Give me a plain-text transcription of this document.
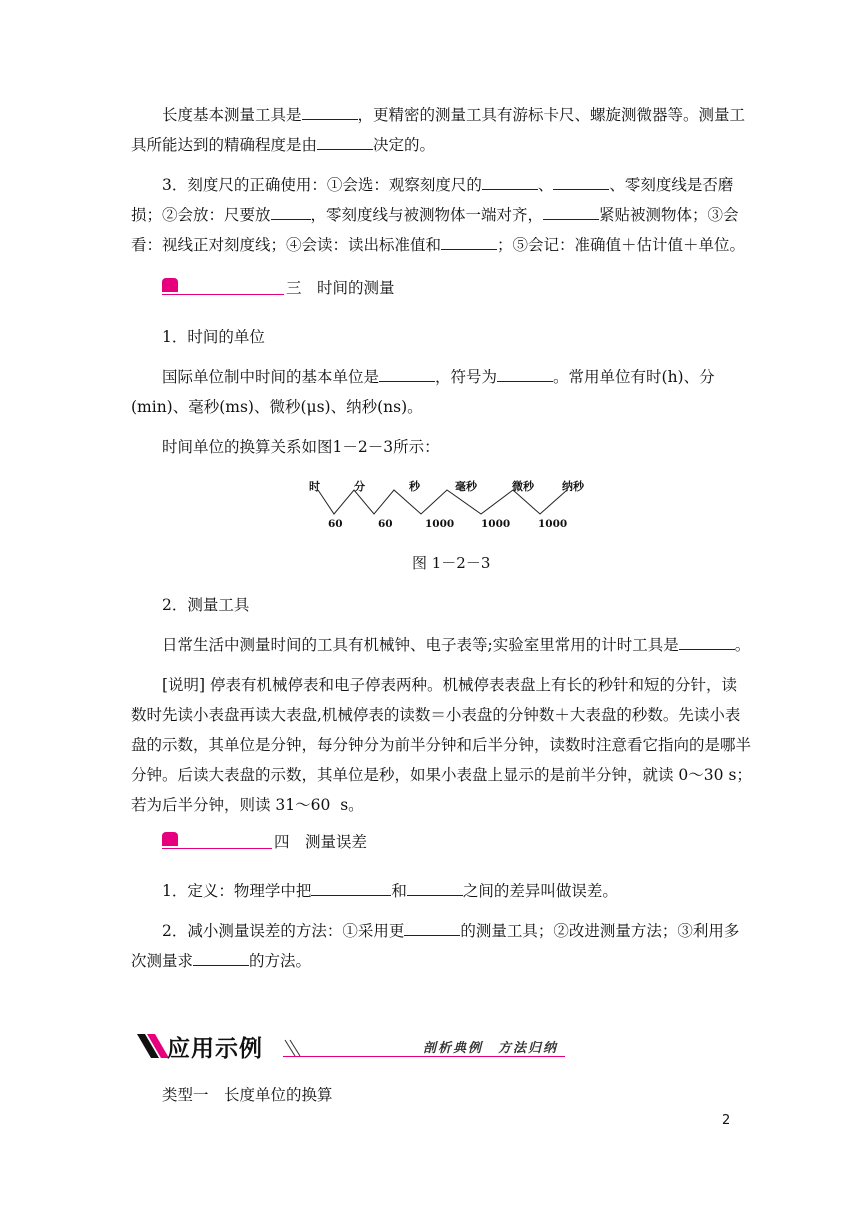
长度基本测量工具是	，更精密的测量工具有游标卡尺、螺旋测微器等。测量工
具所能达到的精确程度是由	决定的。
3．刻度尺的正确使用：①会选：观察刻度尺的	、	、零刻度线是否磨
损；②会放：尺要放	，零刻度线与被测物体一端对齐，	紧贴被测物体；③会
看：视线正对刻度线；④会读：读出标准值和	；⑤会记：准确值＋估计值＋单位。
三　时间的测量
1．时间的单位
国际单位制中时间的基本单位是	，符号为	。常用单位有时(h)、分
(min)、毫秒(ms)、微秒(μs)、纳秒(ns)。
时间单位的换算关系如图1－2－3所示：
时	分	秒	毫秒	微秒	纳秒
60	60	1000	1000	1000
图 1－2－3
2．测量工具
日常生活中测量时间的工具有机械钟、电子表等;实验室里常用的计时工具是	。
[说明] 停表有机械停表和电子停表两种。机械停表表盘上有长的秒针和短的分针，读
数时先读小表盘再读大表盘,机械停表的读数＝小表盘的分钟数＋大表盘的秒数。先读小表
盘的示数，其单位是分钟，每分钟分为前半分钟和后半分钟，读数时注意看它指向的是哪半
分钟。后读大表盘的示数，其单位是秒，如果小表盘上显示的是前半分钟，就读 0～30 s；
若为后半分钟，则读 31～60  s。
四　测量误差
1．定义：物理学中把	和	之间的差异叫做误差。
2．减小测量误差的方法：①采用更	的测量工具；②改进测量方法；③利用多
次测量求	的方法。
应用示例	剖析典例　方法归纳
类型一　长度单位的换算
2
